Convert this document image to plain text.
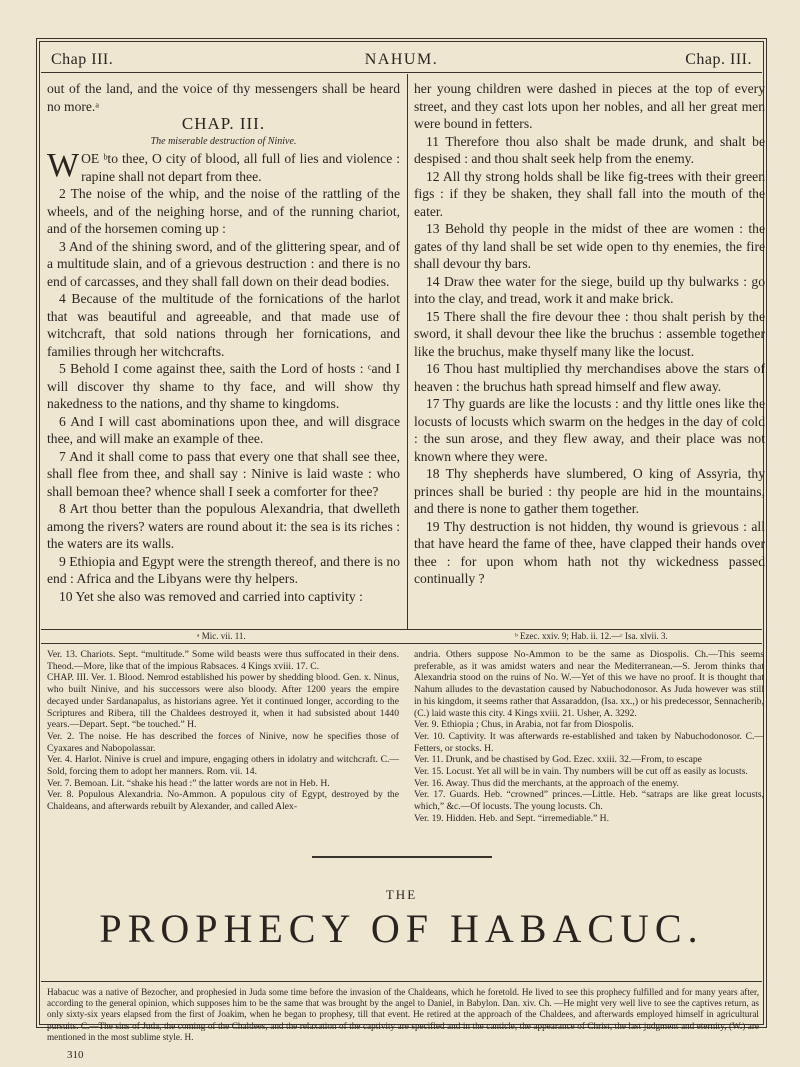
Chap III.	NAHUM.	Chap. III.

out of the land, and the voice of thy messengers shall be heard no more.ᵃ

CHAP. III.

The miserable destruction of Ninive.

WOE ᵇto thee, O city of blood, all full of lies and violence : rapine shall not depart from thee.

2 The noise of the whip, and the noise of the rattling of the wheels, and of the neighing horse, and of the running chariot, and of the horsemen coming up :

3 And of the shining sword, and of the glittering spear, and of a multitude slain, and of a grievous destruction : and there is no end of carcasses, and they shall fall down on their dead bodies.

4 Because of the multitude of the fornications of the harlot that was beautiful and agreeable, and that made use of witchcraft, that sold nations through her fornications, and families through her witchcrafts.

5 Behold I come against thee, saith the Lord of hosts : ᶜand I will discover thy shame to thy face, and will show thy nakedness to the nations, and thy shame to kingdoms.

6 And I will cast abominations upon thee, and will disgrace thee, and will make an example of thee.

7 And it shall come to pass that every one that shall see thee, shall flee from thee, and shall say : Ninive is laid waste : who shall bemoan thee? whence shall I seek a comforter for thee?

8 Art thou better than the populous Alexandria, that dwelleth among the rivers? waters are round about it: the sea is its riches : the waters are its walls.

9 Ethiopia and Egypt were the strength thereof, and there is no end : Africa and the Libyans were thy helpers.

10 Yet she also was removed and carried into captivity :

her young children were dashed in pieces at the top of every street, and they cast lots upon her nobles, and all her great men were bound in fetters.

11 Therefore thou also shalt be made drunk, and shalt be despised : and thou shalt seek help from the enemy.

12 All thy strong holds shall be like fig-trees with their green figs : if they be shaken, they shall fall into the mouth of the eater.

13 Behold thy people in the midst of thee are women : the gates of thy land shall be set wide open to thy enemies, the fire shall devour thy bars.

14 Draw thee water for the siege, build up thy bulwarks : go into the clay, and tread, work it and make brick.

15 There shall the fire devour thee : thou shalt perish by the sword, it shall devour thee like the bruchus : assemble together like the bruchus, make thyself many like the locust.

16 Thou hast multiplied thy merchandises above the stars of heaven : the bruchus hath spread himself and flew away.

17 Thy guards are like the locusts : and thy little ones like the locusts of locusts which swarm on the hedges in the day of cold : the sun arose, and they flew away, and their place was not known where they were.

18 Thy shepherds have slumbered, O king of Assyria, thy princes shall be buried : thy people are hid in the mountains, and there is none to gather them together.

19 Thy destruction is not hidden, thy wound is grievous : all that have heard the fame of thee, have clapped their hands over thee : for upon whom hath not thy wickedness passed continually ?

ᵃ Mic. vii. 11.	ᵇ Ezec. xxiv. 9; Hab. ii. 12.—ᶜ Isa. xlvii. 3.

Ver. 13. Chariots. Sept. “multitude.” Some wild beasts were thus suffocated in their dens. Theod.—More, like that of the impious Rabsaces. 4 Kings xviii. 17. C.

CHAP. III. Ver. 1. Blood. Nemrod established his power by shedding blood. Gen. x. Ninus, who built Ninive, and his successors were also bloody. After 1200 years the empire decayed under Sardanapalus, as historians agree. Yet it continued longer, according to the Scriptures and Ribera, till the Chaldees destroyed it, when it had subsisted about 1440 years.—Depart. Sept. “be touched.” H.

Ver. 2. The noise. He has described the forces of Ninive, now he specifies those of Cyaxares and Nabopolassar.

Ver. 4. Harlot. Ninive is cruel and impure, engaging others in idolatry and witchcraft. C.—Sold, forcing them to adopt her manners. Rom. vii. 14.

Ver. 7. Bemoan. Lit. “shake his head :” the latter words are not in Heb. H.

Ver. 8. Populous Alexandria. No-Ammon. A populous city of Egypt, destroyed by the Chaldeans, and afterwards rebuilt by Alexander, and called Alex-

andria. Others suppose No-Ammon to be the same as Diospolis. Ch.—This seems preferable, as it was amidst waters and near the Mediterranean.—S. Jerom thinks that Alexandria stood on the ruins of No. W.—Yet of this we have no proof. It is thought that Nahum alludes to the devastation caused by Nabuchodonosor. As Juda however was still in his kingdom, it seems rather that Assaraddon, (Isa. xx.,) or his predecessor, Sennacherib, (C.) laid waste this city. 4 Kings xviii. 21. Usher, A. 3292.

Ver. 9. Ethiopia ; Chus, in Arabia, not far from Diospolis.

Ver. 10. Captivity. It was afterwards re-established and taken by Nabuchodonosor. C.—Fetters, or stocks. H.

Ver. 11. Drunk, and be chastised by God. Ezec. xxiii. 32.—From, to escape

Ver. 15. Locust. Yet all will be in vain. Thy numbers will be cut off as easily as locusts.

Ver. 16. Away. Thus did the merchants, at the approach of the enemy.

Ver. 17. Guards. Heb. “crowned” princes.—Little. Heb. “satraps are like great locusts, which,” &c.—Of locusts. The young locusts. Ch.

Ver. 19. Hidden. Heb. and Sept. “irremediable.” H.

THE
PROPHECY OF HABACUC.
Habacuc was a native of Bezocher, and prophesied in Juda some time before the invasion of the Chaldeans, which he foretold. He lived to see this prophecy fulfilled and for many years after, according to the general opinion, which supposes him to be the same that was brought by the angel to Daniel, in Babylon. Dan. xiv. Ch. —He might very well live to see the captives return, as only sixty-six years elapsed from the first of Joakim, when he began to prophesy, till that event. He retired at the approach of the Chaldees, and afterwards employed himself in agricultural pursuits. C.—The sins of Juda, the coming of the Chaldees, and the relaxation of the captivity are specified and in the canticle, the appearance of Christ, the last judgment and eternity, (W.) are mentioned in the most sublime style. H.
310
